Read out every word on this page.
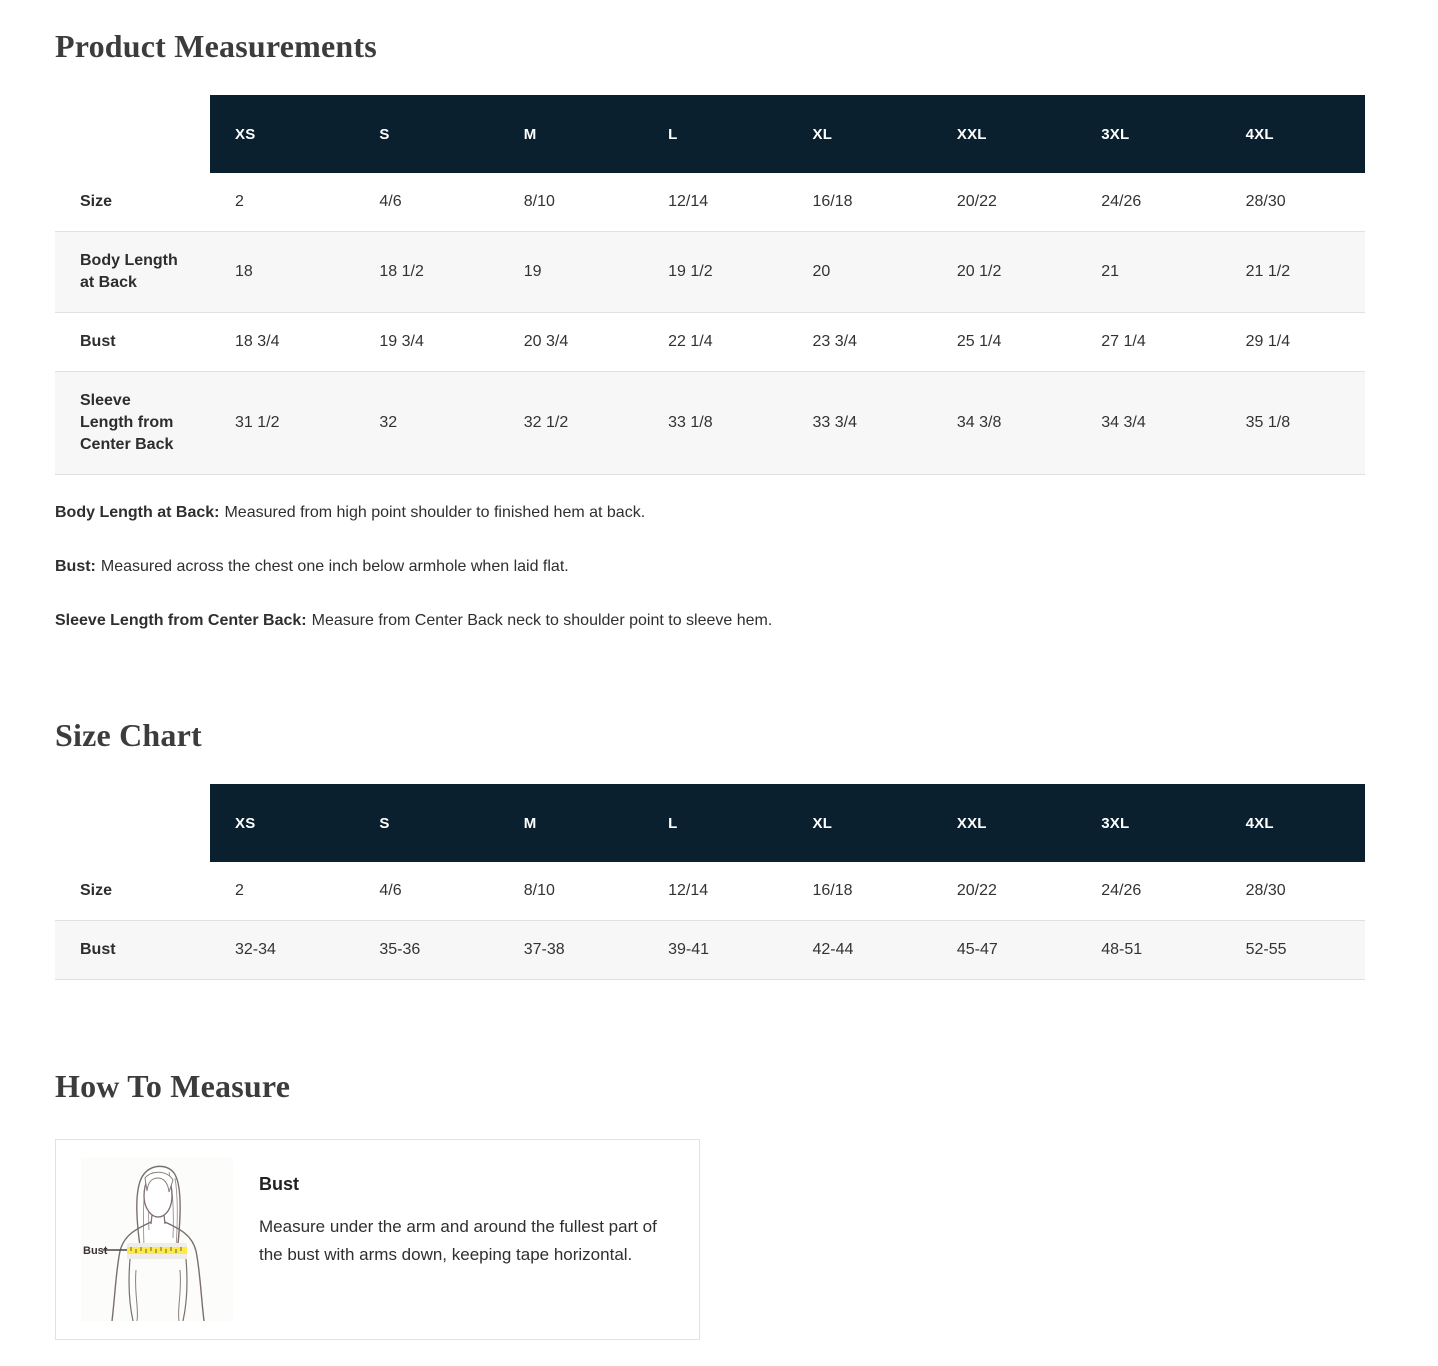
Product Measurements
	XS	S	M	L	XL	XXL	3XL	4XL
Size	2	4/6	8/10	12/14	16/18	20/22	24/26	28/30
Body Length at Back	18	18 1/2	19	19 1/2	20	20 1/2	21	21 1/2
Bust	18 3/4	19 3/4	20 3/4	22 1/4	23 3/4	25 1/4	27 1/4	29 1/4
Sleeve Length from Center Back	31 1/2	32	32 1/2	33 1/8	33 3/4	34 3/8	34 3/4	35 1/8

Body Length at Back: Measured from high point shoulder to finished hem at back.

Bust: Measured across the chest one inch below armhole when laid flat.

Sleeve Length from Center Back: Measure from Center Back neck to shoulder point to sleeve hem.

Size Chart
	XS	S	M	L	XL	XXL	3XL	4XL
Size	2	4/6	8/10	12/14	16/18	20/22	24/26	28/30
Bust	32-34	35-36	37-38	39-41	42-44	45-47	48-51	52-55
How To Measure
Bust
Bust

Measure under the arm and around the fullest part of the bust with arms down, keeping tape horizontal.
